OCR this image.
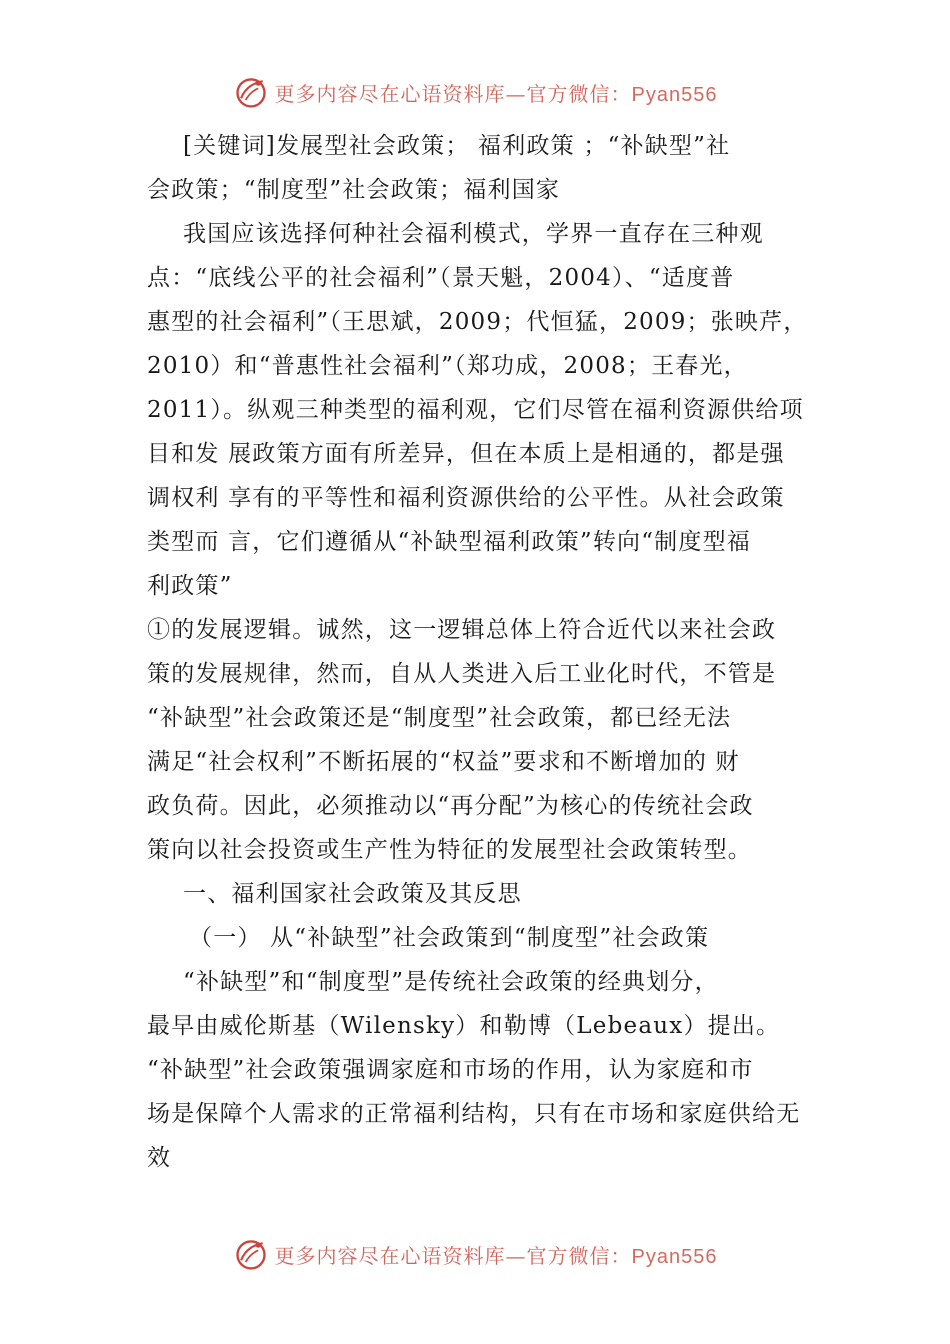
更多内容尽在心语资料库—官方微信：Pyan556
[关键词]发展型社会政策； 福利政策 ；“补缺型”社
会政策；“制度型”社会政策；福利国家
我国应该选择何种社会福利模式，学界一直存在三种观
点：“底线公平的社会福利”（景天魁，2004）、“适度普
惠型的社会福利”（王思斌，2009；代恒猛，2009；张映芹，
2010）和“普惠性社会福利”（郑功成，2008；王春光，
2011）。纵观三种类型的福利观，它们尽管在福利资源供给项
目和发 展政策方面有所差异，但在本质上是相通的，都是强
调权利 享有的平等性和福利资源供给的公平性。从社会政策
类型而 言，它们遵循从“补缺型福利政策”转向“制度型福
利政策”
①的发展逻辑。诚然，这一逻辑总体上符合近代以来社会政
策的发展规律，然而，自从人类进入后工业化时代，不管是
“补缺型”社会政策还是“制度型”社会政策，都已经无法
满足“社会权利”不断拓展的“权益”要求和不断增加的 财
政负荷。因此，必须推动以“再分配”为核心的传统社会政
策向以社会投资或生产性为特征的发展型社会政策转型。
一、福利国家社会政策及其反思
（一） 从“补缺型”社会政策到“制度型”社会政策
“补缺型”和“制度型”是传统社会政策的经典划分，
最早由威伦斯基（Wilensky）和勒博（Lebeaux）提出。
“补缺型”社会政策强调家庭和市场的作用，认为家庭和市
场是保障个人需求的正常福利结构，只有在市场和家庭供给无
效
更多内容尽在心语资料库—官方微信：Pyan556
